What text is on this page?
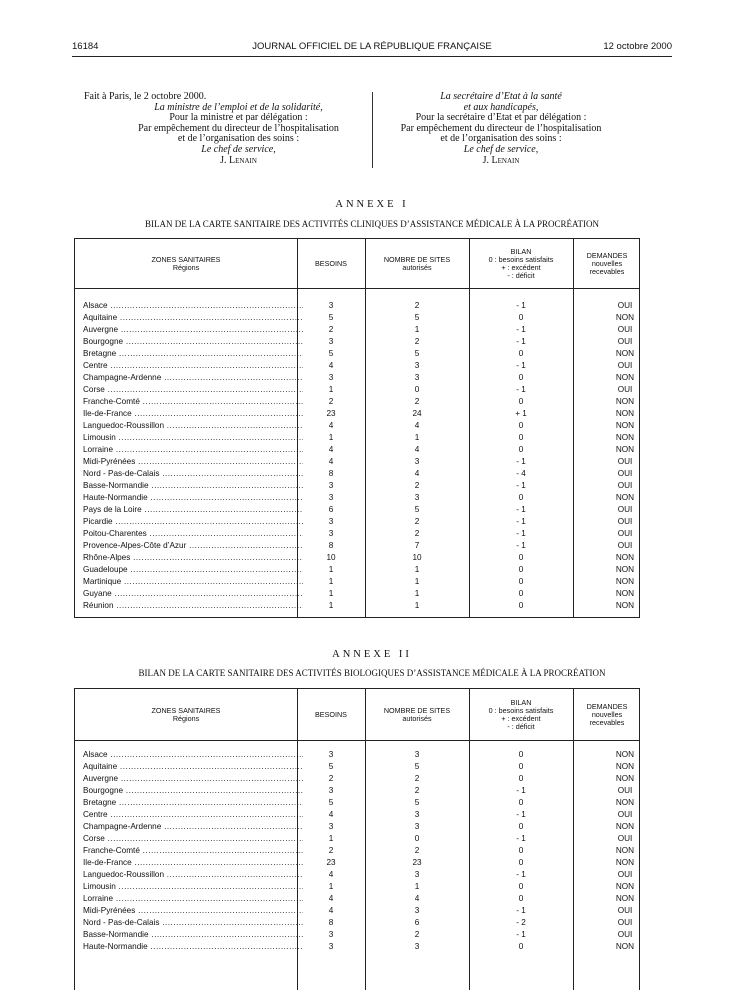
16184	JOURNAL OFFICIEL DE LA RÉPUBLIQUE FRANÇAISE	12 octobre 2000
Fait à Paris, le 2 octobre 2000.
La ministre de l’emploi et de la solidarité,
Pour la ministre et par délégation :
Par empêchement du directeur de l’hospitalisation
et de l’organisation des soins :
Le chef de service,
J. Lenain
La secrétaire d’Etat à la santé
et aux handicapés,
Pour la secrétaire d’Etat et par délégation :
Par empêchement du directeur de l’hospitalisation
et de l’organisation des soins :
Le chef de service,
J. Lenain
ANNEXE I
BILAN DE LA CARTE SANITAIRE DES ACTIVITÉS CLINIQUES D’ASSISTANCE MÉDICALE À LA PROCRÉATION
ZONES SANITAIRES
Régions	BESOINS	NOMBRE DE SITES
autorisés
BILAN
0 : besoins satisfaits
+ : excédent
- : déficit
DEMANDES
nouvelles
recevables
Alsace .....	3	2	- 1	OUI
Aquitaine .....	5	5	0	NON
Auvergne .....	2	1	- 1	OUI
Bourgogne .....	3	2	- 1	OUI
Bretagne .....	5	5	0	NON
Centre .....	4	3	- 1	OUI
Champagne-Ardenne .....	3	3	0	NON
Corse .....	1	0	- 1	OUI
Franche-Comté .....	2	2	0	NON
Ile-de-France .....	23	24	+ 1	NON
Languedoc-Roussillon .....	4	4	0	NON
Limousin .....	1	1	0	NON
Lorraine .....	4	4	0	NON
Midi-Pyrénées .....	4	3	- 1	OUI
Nord - Pas-de-Calais .....	8	4	- 4	OUI
Basse-Normandie .....	3	2	- 1	OUI
Haute-Normandie .....	3	3	0	NON
Pays de la Loire .....	6	5	- 1	OUI
Picardie .....	3	2	- 1	OUI
Poitou-Charentes .....	3	2	- 1	OUI
Provence-Alpes-Côte d’Azur .....	8	7	- 1	OUI
Rhône-Alpes .....	10	10	0	NON
Guadeloupe .....	1	1	0	NON
Martinique .....	1	1	0	NON
Guyane .....	1	1	0	NON
Réunion .....	1	1	0	NON
ANNEXE II
BILAN DE LA CARTE SANITAIRE DES ACTIVITÉS BIOLOGIQUES D’ASSISTANCE MÉDICALE À LA PROCRÉATION
ZONES SANITAIRES
Régions	BESOINS	NOMBRE DE SITES
autorisés
BILAN
0 : besoins satisfaits
+ : excédent
- : déficit
DEMANDES
nouvelles
recevables
Alsace .....	3	3	0	NON
Aquitaine .....	5	5	0	NON
Auvergne .....	2	2	0	NON
Bourgogne .....	3	2	- 1	OUI
Bretagne .....	5	5	0	NON
Centre .....	4	3	- 1	OUI
Champagne-Ardenne .....	3	3	0	NON
Corse .....	1	0	- 1	OUI
Franche-Comté .....	2	2	0	NON
Ile-de-France .....	23	23	0	NON
Languedoc-Roussillon .....	4	3	- 1	OUI
Limousin .....	1	1	0	NON
Lorraine .....	4	4	0	NON
Midi-Pyrénées .....	4	3	- 1	OUI
Nord - Pas-de-Calais .....	8	6	- 2	OUI
Basse-Normandie .....	3	2	- 1	OUI
Haute-Normandie .....	3	3	0	NON
